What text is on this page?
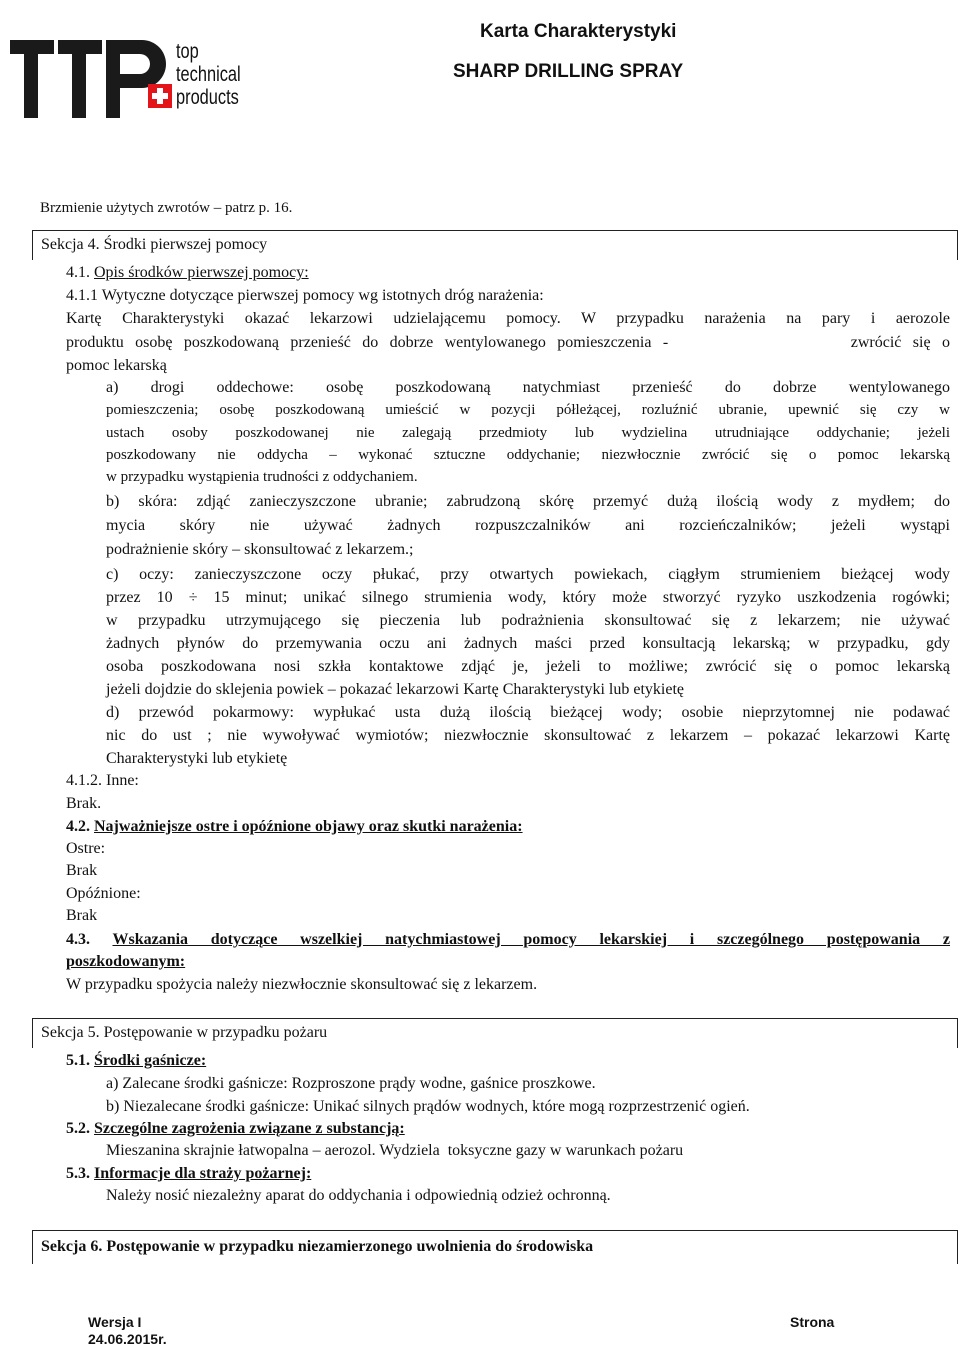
top
technical
products
Karta Charakterystyki
SHARP DRILLING SPRAY
Brzmienie użytych zwrotów – patrz p. 16.
Sekcja 4. Środki pierwszej pomocy
4.1. Opis środków pierwszej pomocy:
4.1.1 Wytyczne dotyczące pierwszej pomocy wg istotnych dróg narażenia:
Kartę Charakterystyki okazać lekarzowi udzielającemu pomocy. W przypadku narażenia na pary i aerozole
produktu osobę poszkodowaną przenieść do dobrze wentylowanego pomieszczenia -                zwrócić się o
pomoc lekarską
a) drogi oddechowe: osobę poszkodowaną natychmiast przenieść do dobrze wentylowanego
pomieszczenia; osobę poszkodowaną umieścić w pozycji półleżącej, rozluźnić ubranie, upewnić się czy w
ustach osoby poszkodowanej nie zalegają przedmioty lub wydzielina utrudniające oddychanie; jeżeli
poszkodowany nie oddycha – wykonać sztuczne oddychanie; niezwłocznie zwrócić się o pomoc lekarską
w przypadku wystąpienia trudności z oddychaniem.
b) skóra: zdjąć zanieczyszczone ubranie; zabrudzoną skórę przemyć dużą ilością wody z mydłem; do
mycia skóry nie używać żadnych rozpuszczalników ani rozcieńczalników; jeżeli wystąpi
podrażnienie skóry – skonsultować z lekarzem.;
c) oczy: zanieczyszczone oczy płukać, przy otwartych powiekach, ciągłym strumieniem bieżącej wody
przez 10 ÷ 15 minut; unikać silnego strumienia wody, który może stworzyć ryzyko uszkodzenia rogówki;
w przypadku utrzymującego się pieczenia lub podrażnienia skonsultować się z lekarzem; nie używać
żadnych płynów do przemywania oczu ani żadnych maści przed konsultacją lekarską; w przypadku, gdy
osoba poszkodowana nosi szkła kontaktowe zdjąć je, jeżeli to możliwe; zwrócić się o pomoc lekarską
jeżeli dojdzie do sklejenia powiek – pokazać lekarzowi Kartę Charakterystyki lub etykietę
d) przewód pokarmowy: wypłukać usta dużą ilością bieżącej wody; osobie nieprzytomnej nie podawać
nic do ust ; nie wywoływać wymiotów; niezwłocznie skonsultować z lekarzem – pokazać lekarzowi Kartę
Charakterystyki lub etykietę
4.1.2. Inne:
Brak.
4.2. Najważniejsze ostre i opóźnione objawy oraz skutki narażenia:
Ostre:
Brak
Opóźnione:
Brak
4.3. Wskazania dotyczące wszelkiej natychmiastowej pomocy lekarskiej i szczególnego postępowania z
poszkodowanym:
W przypadku spożycia należy niezwłocznie skonsultować się z lekarzem.
Sekcja 5. Postępowanie w przypadku pożaru
5.1. Środki gaśnicze:
a) Zalecane środki gaśnicze: Rozproszone prądy wodne, gaśnice proszkowe.
b) Niezalecane środki gaśnicze: Unikać silnych prądów wodnych, które mogą rozprzestrzenić ogień.
5.2. Szczególne zagrożenia związane z substancją:
Mieszanina skrajnie łatwopalna – aerozol. Wydziela  toksyczne gazy w warunkach pożaru
5.3. Informacje dla straży pożarnej:
Należy nosić niezależny aparat do oddychania i odpowiednią odzież ochronną.
Sekcja 6. Postępowanie w przypadku niezamierzonego uwolnienia do środowiska
Wersja I
24.06.2015r.
Strona
